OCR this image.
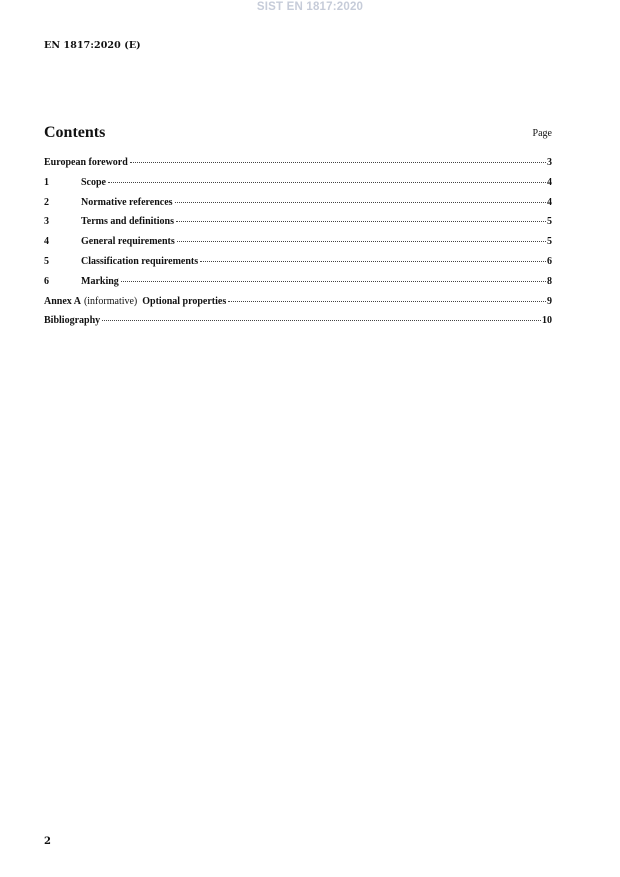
SIST EN 1817:2020
EN 1817:2020 (E)
Contents	Page
European foreword	3
1	Scope	4
2	Normative references	4
3	Terms and definitions	5
4	General requirements	5
5	Classification requirements	6
6	Marking	8
Annex A (informative) Optional properties	9
Bibliography	10
2
